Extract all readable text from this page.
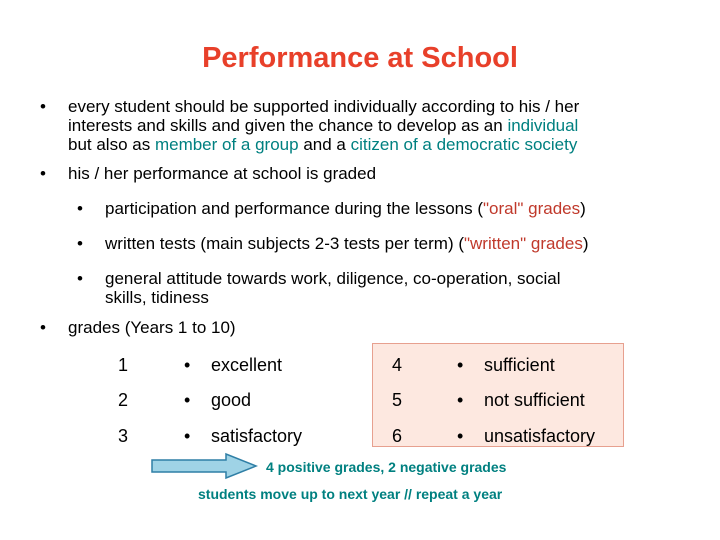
Performance at School
• every student should be supported individually according to his / her
interests and skills and given the chance to develop as an individual
but also as member of a group and a citizen of a democratic society
• his / her performance at school is graded
• participation and performance during the lessons ("oral" grades)
• written tests (main subjects 2-3 tests per term) ("written" grades)
• general attitude towards work, diligence, co-operation, social
skills, tidiness
• grades (Years 1 to 10)
1	• excellent	4	• sufficient
2	• good	5	• not sufficient
3	• satisfactory	6	• unsatisfactory
4 positive grades, 2 negative grades
students move up to next year // repeat a year
